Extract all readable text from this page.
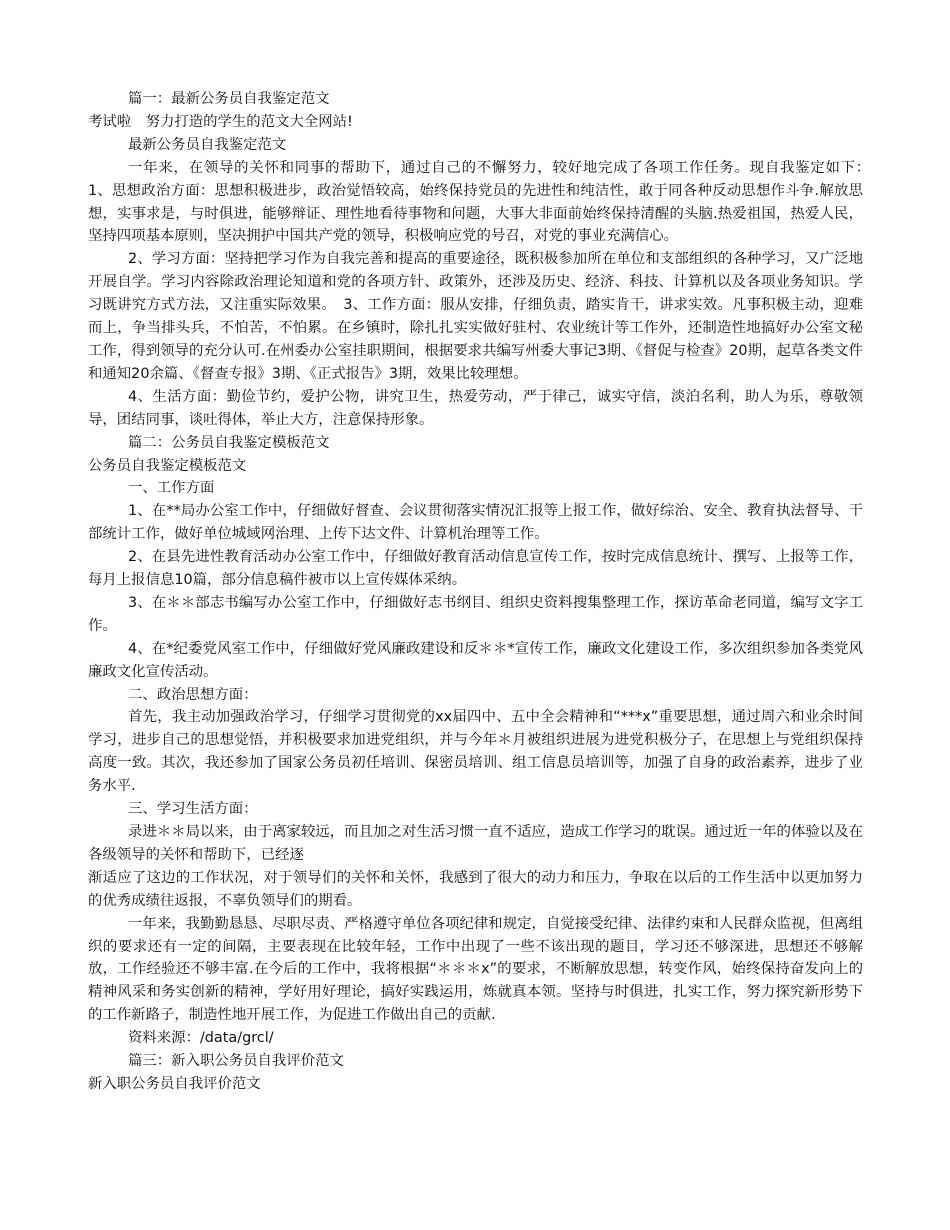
篇一：最新公务员自我鉴定范文

考试啦　努力打造的学生的范文大全网站!

最新公务员自我鉴定范文

一年来，在领导的关怀和同事的帮助下，通过自己的不懈努力，较好地完成了各项工作任务。现自我鉴定如下：　1、思想政治方面：思想积极进步，政治觉悟较高，始终保持党员的先进性和纯洁性，敢于同各种反动思想作斗争.解放思想，实事求是，与时俱进，能够辩证、理性地看待事物和问题，大事大非面前始终保持清醒的头脑.热爱祖国，热爱人民，坚持四项基本原则，坚决拥护中国共产党的领导，积极响应党的号召，对党的事业充满信心。

2、学习方面：坚持把学习作为自我完善和提高的重要途径，既积极参加所在单位和支部组织的各种学习，又广泛地开展自学。学习内容除政治理论知道和党的各项方针、政策外，还涉及历史、经济、科技、计算机以及各项业务知识。学习既讲究方式方法，又注重实际效果。　3、工作方面：服从安排，仔细负责，踏实肯干，讲求实效。凡事积极主动，迎难而上，争当排头兵，不怕苦，不怕累。在乡镇时，除扎扎实实做好驻村、农业统计等工作外，还制造性地搞好办公室文秘工作，得到领导的充分认可.在州委办公室挂职期间，根据要求共编写州委大事记3期、《督促与检查》20期，起草各类文件和通知20余篇、《督查专报》3期、《正式报告》3期，效果比较理想。

4、生活方面：勤俭节约，爱护公物，讲究卫生，热爱劳动，严于律己，诚实守信，淡泊名利，助人为乐，尊敬领导，团结同事，谈吐得体，举止大方，注意保持形象。

篇二：公务员自我鉴定模板范文

公务员自我鉴定模板范文

一、工作方面

1、在**局办公室工作中，仔细做好督查、会议贯彻落实情况汇报等上报工作，做好综治、安全、教育执法督导、干部统计工作，做好单位城域网治理、上传下达文件、计算机治理等工作。

2、在县先进性教育活动办公室工作中，仔细做好教育活动信息宣传工作，按时完成信息统计、撰写、上报等工作，每月上报信息10篇，部分信息稿件被市以上宣传媒体采纳。

3、在＊＊部志书编写办公室工作中，仔细做好志书纲目、组织史资料搜集整理工作，探访革命老同道，编写文字工作。

4、在*纪委党风室工作中，仔细做好党风廉政建设和反＊＊*宣传工作，廉政文化建设工作，多次组织参加各类党风廉政文化宣传活动。

二、政治思想方面：

首先，我主动加强政治学习，仔细学习贯彻党的xx届四中、五中全会精神和“***x”重要思想，通过周六和业余时间学习，进步自己的思想觉悟，并积极要求加进党组织，并与今年＊月被组织进展为进党积极分子，在思想上与党组织保持高度一致。其次，我还参加了国家公务员初任培训、保密员培训、组工信息员培训等，加强了自身的政治素养，进步了业务水平.

三、学习生活方面：

录进＊＊局以来，由于离家较远，而且加之对生活习惯一直不适应，造成工作学习的耽误。通过近一年的体验以及在各级领导的关怀和帮助下，已经逐

渐适应了这边的工作状况，对于领导们的关怀和关怀，我感到了很大的动力和压力，争取在以后的工作生活中以更加努力的优秀成绩往返报，不辜负领导们的期看。

一年来，我勤勤恳恳、尽职尽责、严格遵守单位各项纪律和规定，自觉接受纪律、法律约束和人民群众监视，但离组织的要求还有一定的间隔，主要表现在比较年轻，工作中出现了一些不该出现的题目，学习还不够深进，思想还不够解放，工作经验还不够丰富.在今后的工作中，我将根据“＊＊＊x”的要求，不断解放思想，转变作风，始终保持奋发向上的精神风采和务实创新的精神，学好用好理论，搞好实践运用，炼就真本领。坚持与时俱进，扎实工作，努力探究新形势下的工作新路子，制造性地开展工作，为促进工作做出自己的贡献.

资料来源：/data/grcl/

篇三：新入职公务员自我评价范文

新入职公务员自我评价范文
